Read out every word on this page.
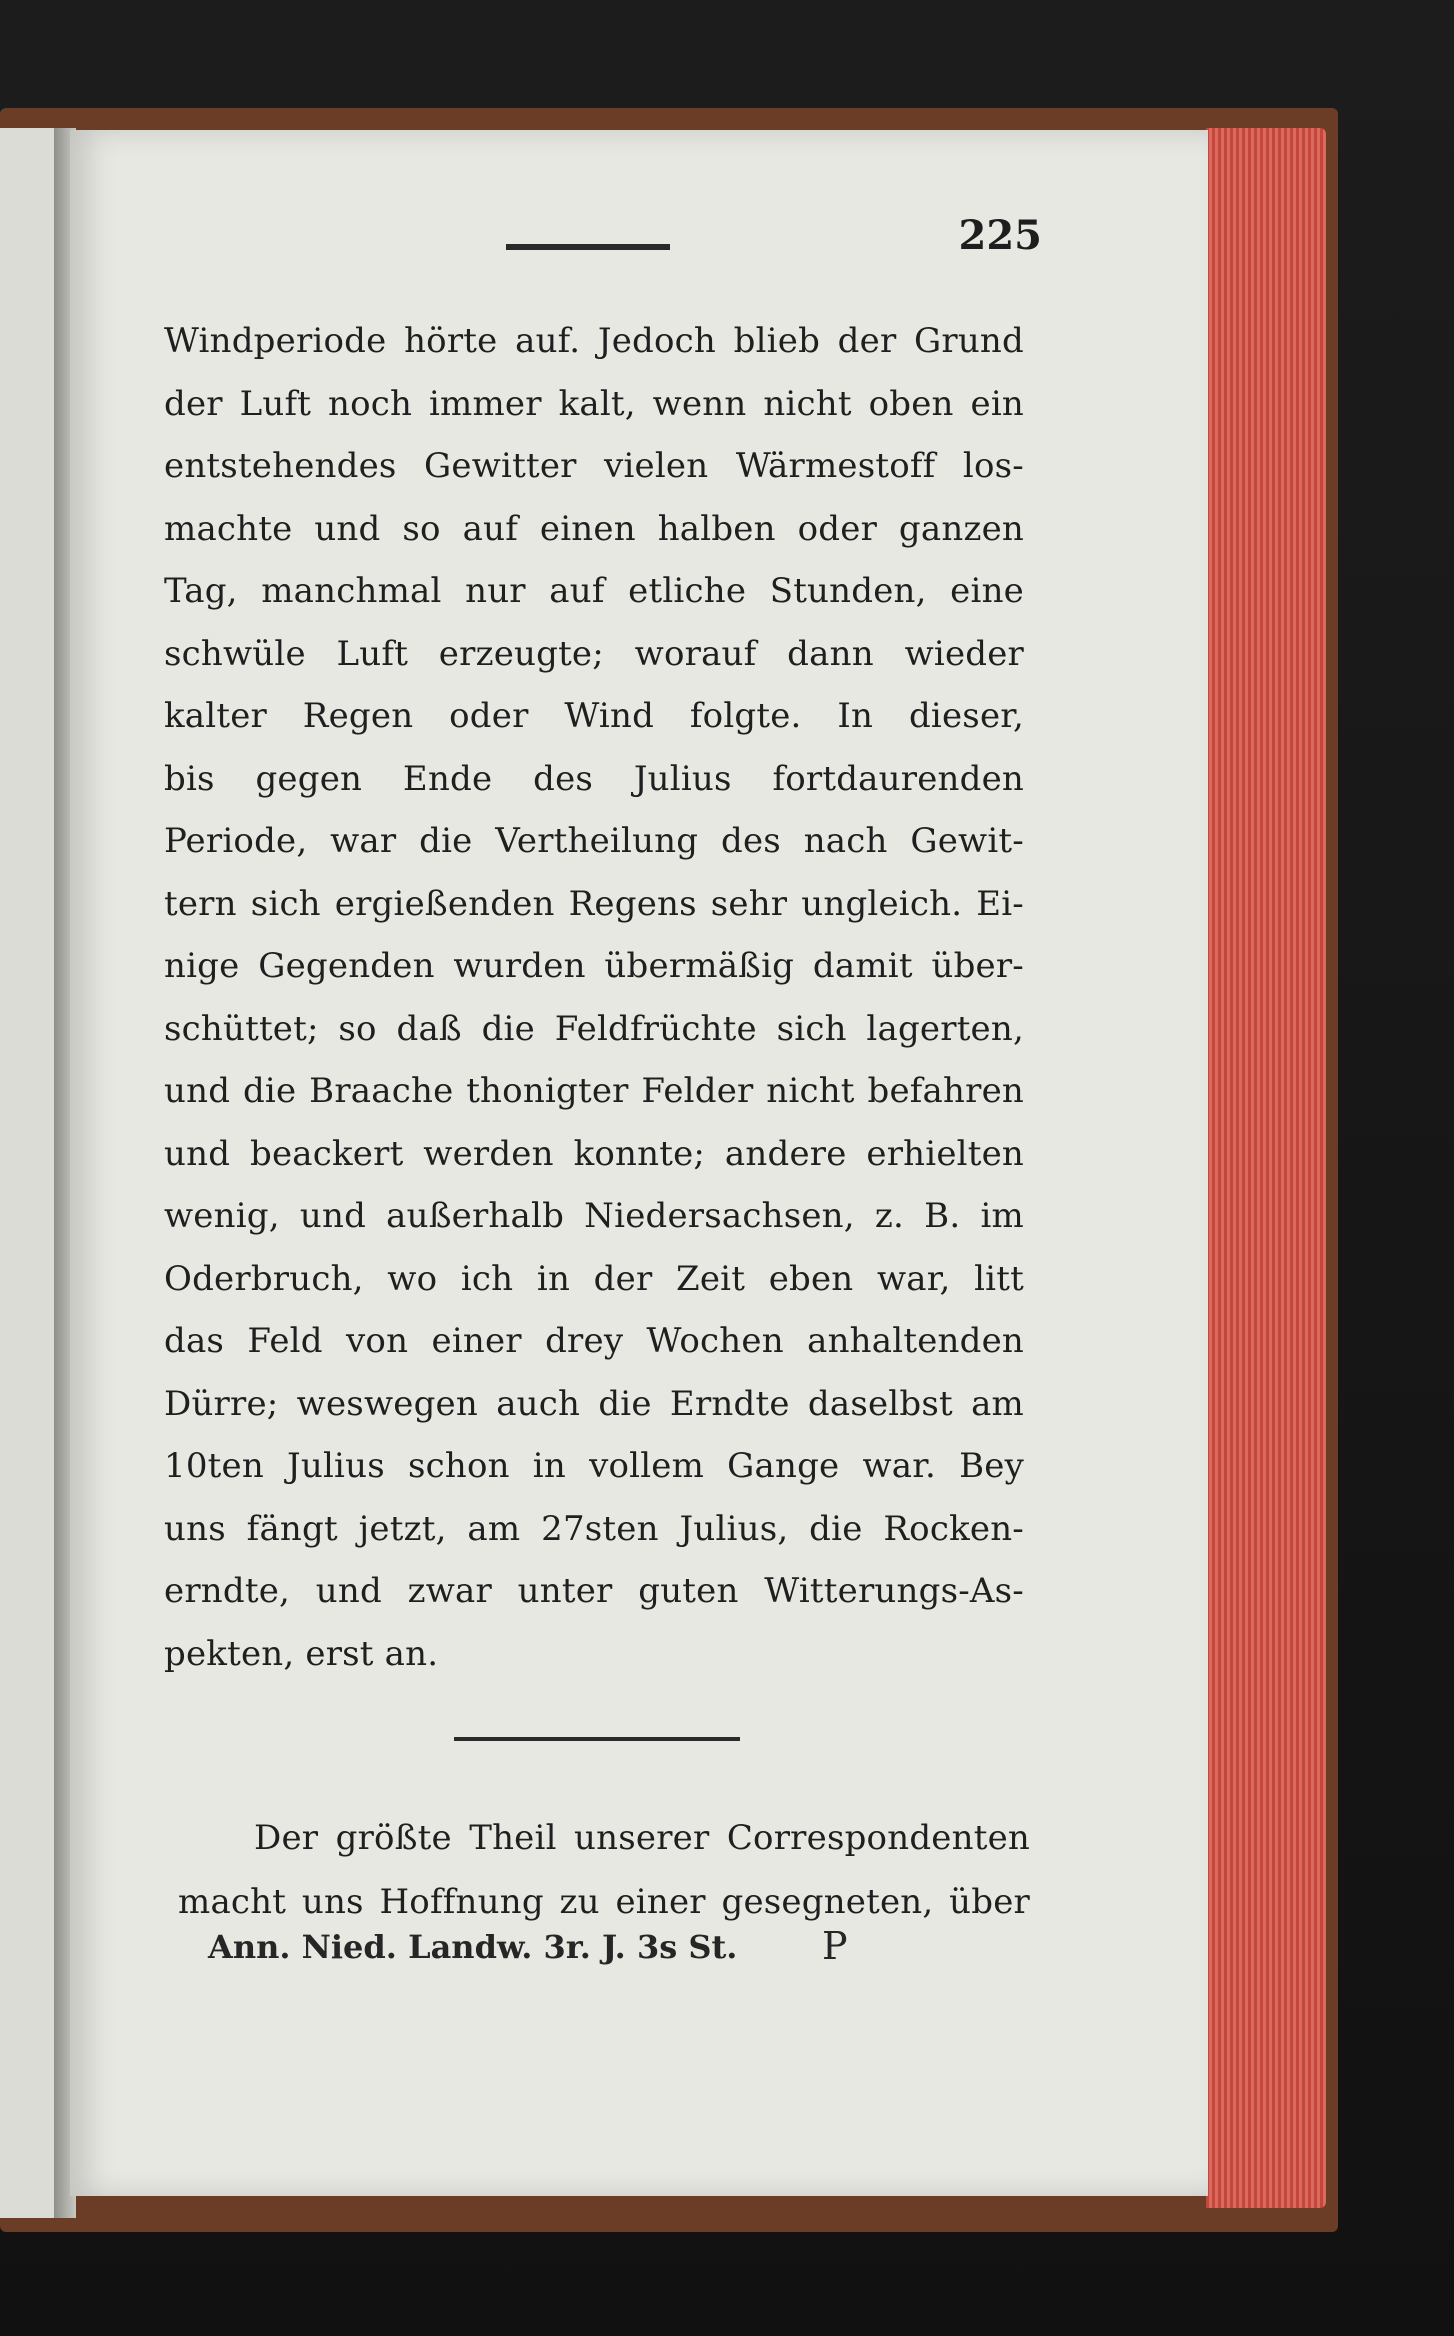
225
Windperiode hörte auf. Jedoch blieb der Grund
der Luft noch immer kalt, wenn nicht oben ein
entstehendes Gewitter vielen Wärmestoff los-
machte und so auf einen halben oder ganzen
Tag, manchmal nur auf etliche Stunden, eine
schwüle Luft erzeugte; worauf dann wieder
kalter Regen oder Wind folgte. In dieser,
bis gegen Ende des Julius fortdaurenden
Periode, war die Vertheilung des nach Gewit-
tern sich ergießenden Regens sehr ungleich. Ei-
nige Gegenden wurden übermäßig damit über-
schüttet; so daß die Feldfrüchte sich lagerten,
und die Braache thonigter Felder nicht befahren
und beackert werden konnte; andere erhielten
wenig, und außerhalb Niedersachsen, z. B. im
Oderbruch, wo ich in der Zeit eben war, litt
das Feld von einer drey Wochen anhaltenden
Dürre; weswegen auch die Erndte daselbst am
10ten Julius schon in vollem Gange war. Bey
uns fängt jetzt, am 27sten Julius, die Rocken-
erndte, und zwar unter guten Witterungs-As-
pekten, erst an.
Der größte Theil unserer Correspondenten
macht uns Hoffnung zu einer gesegneten, über
Ann. Nied. Landw. 3r. J. 3s St.	P
